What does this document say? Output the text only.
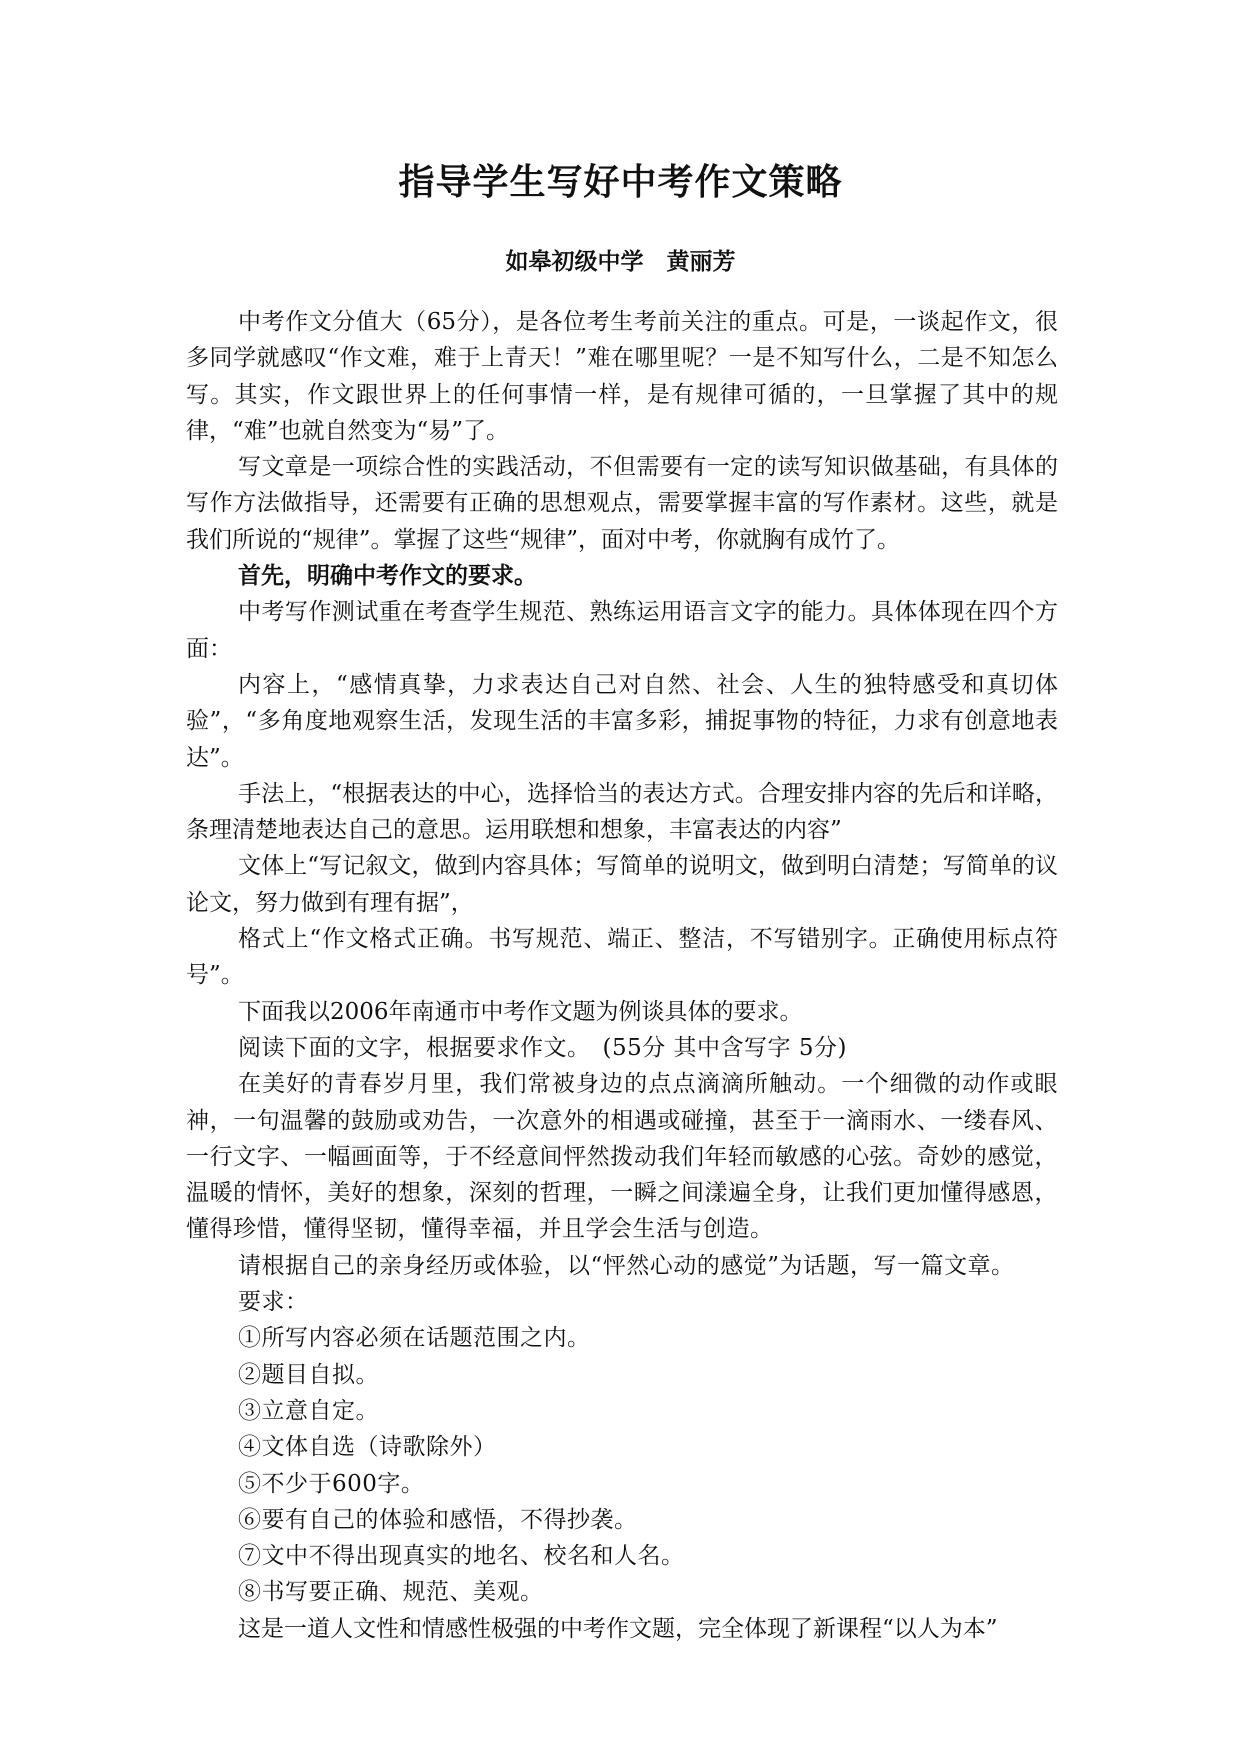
指导学生写好中考作文策略

如皋初级中学　黄丽芳

中考作文分值大（65分），是各位考生考前关注的重点。可是，一谈起作文，很多同学就感叹“作文难，难于上青天！”难在哪里呢？一是不知写什么，二是不知怎么写。其实，作文跟世界上的任何事情一样，是有规律可循的，一旦掌握了其中的规律，“难”也就自然变为“易”了。

写文章是一项综合性的实践活动，不但需要有一定的读写知识做基础，有具体的写作方法做指导，还需要有正确的思想观点，需要掌握丰富的写作素材。这些，就是我们所说的“规律”。掌握了这些“规律”，面对中考，你就胸有成竹了。

首先，明确中考作文的要求。

中考写作测试重在考查学生规范、熟练运用语言文字的能力。具体体现在四个方面：

内容上，“感情真挚，力求表达自己对自然、社会、人生的独特感受和真切体验”，“多角度地观察生活，发现生活的丰富多彩，捕捉事物的特征，力求有创意地表达”。

手法上，“根据表达的中心，选择恰当的表达方式。合理安排内容的先后和详略，条理清楚地表达自己的意思。运用联想和想象，丰富表达的内容”

文体上“写记叙文，做到内容具体；写简单的说明文，做到明白清楚；写简单的议论文，努力做到有理有据”，

格式上“作文格式正确。书写规范、端正、整洁，不写错别字。正确使用标点符号”。

下面我以2006年南通市中考作文题为例谈具体的要求。

阅读下面的文字，根据要求作文。　(55分 其中含写字 5分)

在美好的青春岁月里，我们常被身边的点点滴滴所触动。一个细微的动作或眼神，一句温馨的鼓励或劝告，一次意外的相遇或碰撞，甚至于一滴雨水、一缕春风、一行文字、一幅画面等，于不经意间怦然拨动我们年轻而敏感的心弦。奇妙的感觉，温暖的情怀，美好的想象，深刻的哲理，一瞬之间漾遍全身，让我们更加懂得感恩，懂得珍惜，懂得坚韧，懂得幸福，并且学会生活与创造。

请根据自己的亲身经历或体验，以“怦然心动的感觉”为话题，写一篇文章。

要求：

①所写内容必须在话题范围之内。
②题目自拟。
③立意自定。
④文体自选（诗歌除外）
⑤不少于600字。
⑥要有自己的体验和感悟，不得抄袭。
⑦文中不得出现真实的地名、校名和人名。
⑧书写要正确、规范、美观。

这是一道人文性和情感性极强的中考作文题，完全体现了新课程“以人为本”
